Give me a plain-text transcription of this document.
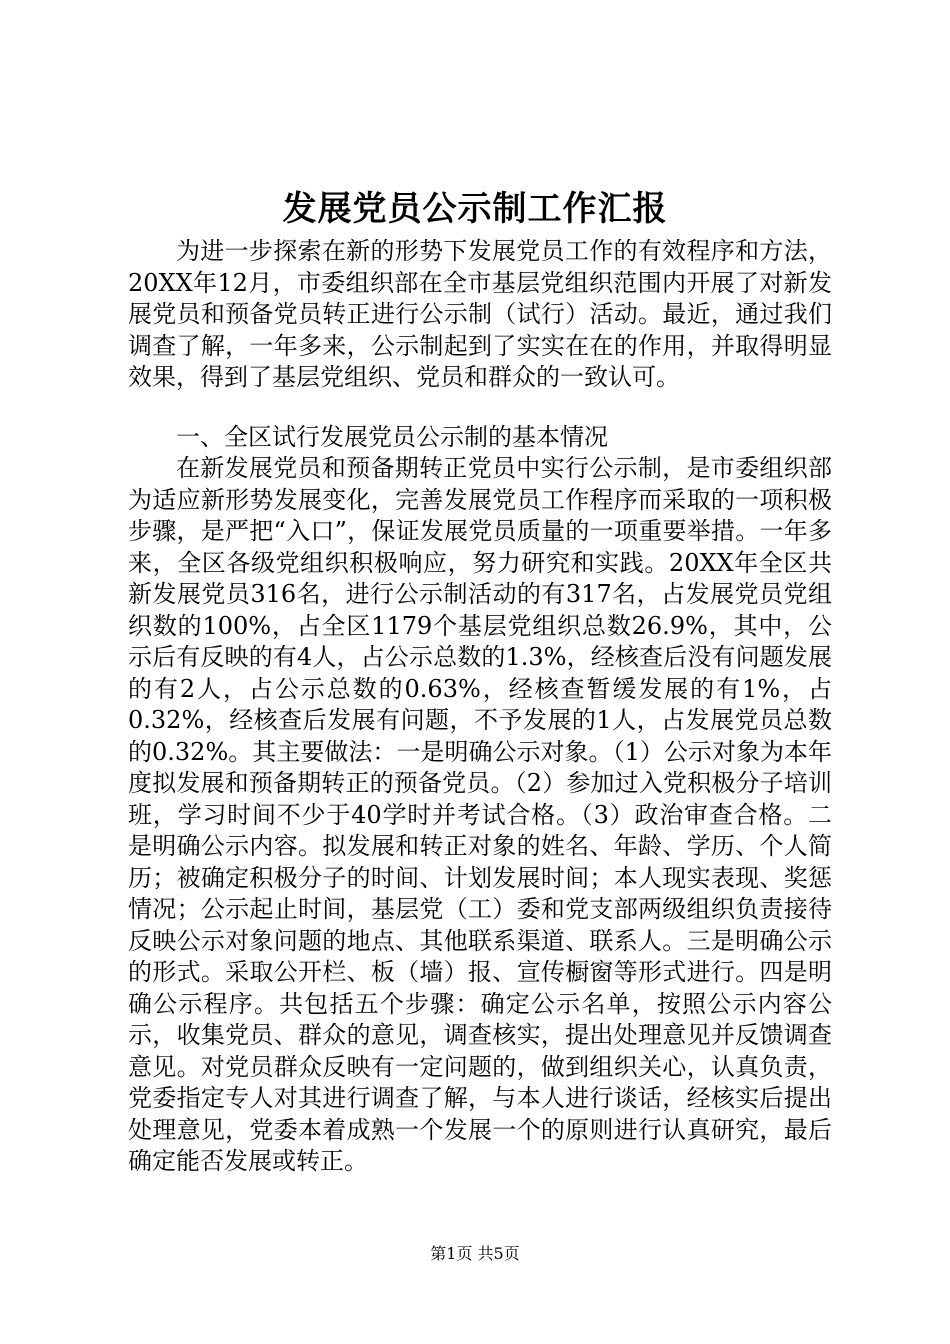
发展党员公示制工作汇报

为进一步探索在新的形势下发展党员工作的有效程序和方法，20XX年12月，市委组织部在全市基层党组织范围内开展了对新发展党员和预备党员转正进行公示制（试行）活动。最近，通过我们调查了解，一年多来，公示制起到了实实在在的作用，并取得明显效果，得到了基层党组织、党员和群众的一致认可。

一、全区试行发展党员公示制的基本情况

在新发展党员和预备期转正党员中实行公示制，是市委组织部为适应新形势发展变化，完善发展党员工作程序而采取的一项积极步骤，是严把“入口”，保证发展党员质量的一项重要举措。一年多来，全区各级党组织积极响应，努力研究和实践。20XX年全区共新发展党员316名，进行公示制活动的有317名，占发展党员党组织数的100%，占全区1179个基层党组织总数26.9%，其中，公示后有反映的有4人，占公示总数的1.3%，经核查后没有问题发展的有2人，占公示总数的0.63%，经核查暂缓发展的有1%，占0.32%，经核查后发展有问题，不予发展的1人，占发展党员总数的0.32%。其主要做法：一是明确公示对象。（1）公示对象为本年度拟发展和预备期转正的预备党员。（2）参加过入党积极分子培训班，学习时间不少于40学时并考试合格。（3）政治审查合格。二是明确公示内容。拟发展和转正对象的姓名、年龄、学历、个人简历；被确定积极分子的时间、计划发展时间；本人现实表现、奖惩情况；公示起止时间，基层党（工）委和党支部两级组织负责接待反映公示对象问题的地点、其他联系渠道、联系人。三是明确公示的形式。采取公开栏、板（墙）报、宣传橱窗等形式进行。四是明确公示程序。共包括五个步骤：确定公示名单，按照公示内容公示，收集党员、群众的意见，调查核实，提出处理意见并反馈调查意见。对党员群众反映有一定问题的，做到组织关心，认真负责，党委指定专人对其进行调查了解，与本人进行谈话，经核实后提出处理意见，党委本着成熟一个发展一个的原则进行认真研究，最后确定能否发展或转正。

第1页 共5页
